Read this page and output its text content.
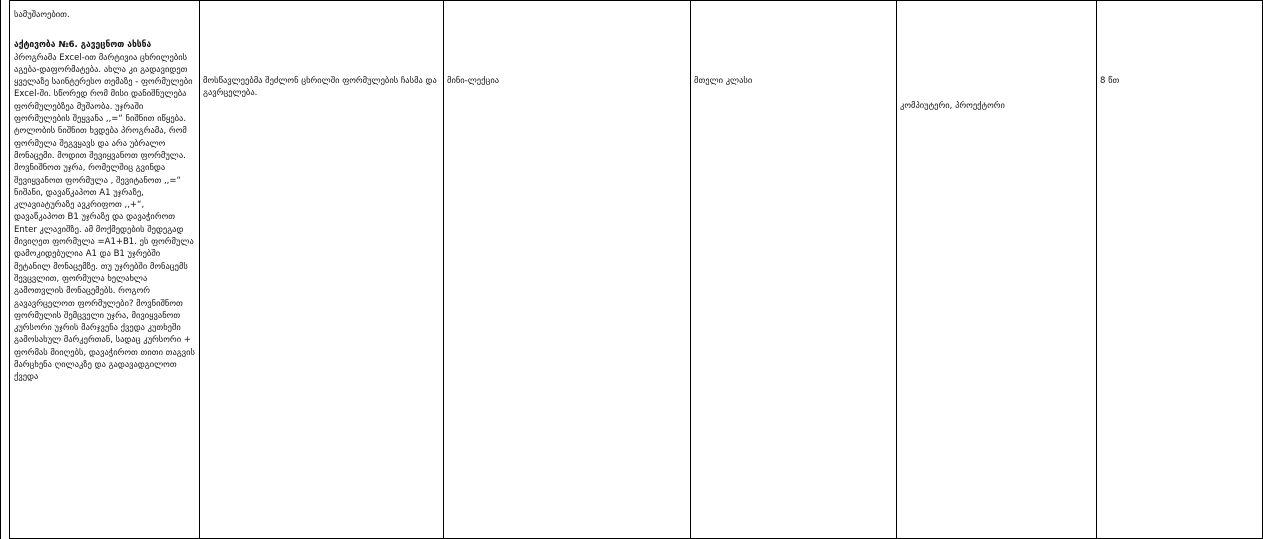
სამუშაოებით.

აქტივობა №6. გავეცნოთ ახსნა

პროგრამა Excel-ით მარტივია ცხრილების აგება-დაფორმატება. ახლა კი გადავიდეთ ყველაზე საინტერესო თემაზე - ფორმულები Excel-ში. სწორედ რომ მისი დანიშნულება ფორმულებზეა მუშაობა. უჯრაში ფორმულების შეყვანა ,,=“ ნიშნით იწყება. ტოლობის ნიშნით ხვდება პროგრამა, რომ ფორმულა შეგვყავს და არა უბრალო მონაცემი. მოდით შევიყვანოთ ფორმულა. მოვნიშნოთ უჯრა, რომელშიც გვინდა შევიყვანოთ ფორმულა , შევიტანოთ ,,=“ ნიშანი, დავაწკაპოთ A1 უჯრაზე, კლავიატურაზე ავკრიფოთ ,,+“, დავაწკაპოთ B1 უჯრაზე და დავაჭიროთ Enter კლავიშზე. ამ მოქმედების შედეგად მივიღეთ ფორმულა =A1+B1. ეს ფორმულა დამოკიდებულია A1 და B1 უჯრებში მეტანილ მონაცემზე. თუ უჯრებში მონაცემს შევცვლით, ფორმულა ხელახლა გამოთვლის მონაცემებს. როგორ გავავრცელოთ ფორმულები? მოვნიშნოთ ფორმულის შემცველი უჯრა, მივიყვანოთ კურსორი უჯრის მარჯვენა ქვედა კუთხეში გამოსახულ მარკერთან, სადაც კურსორი + ფორმას მიიღებს, დავაჭიროთ თითი თაგვის მარცხენა ღილაკზე და გადავადგილოთ ქვედა

	მოსწავლეებმა შეძლონ ცხრილში ფორმულების ჩასმა და გავრცელება.	მინი-ლექცია	მთელი კლასი	კომპიუტერი, პროექტორი	8 წთ
